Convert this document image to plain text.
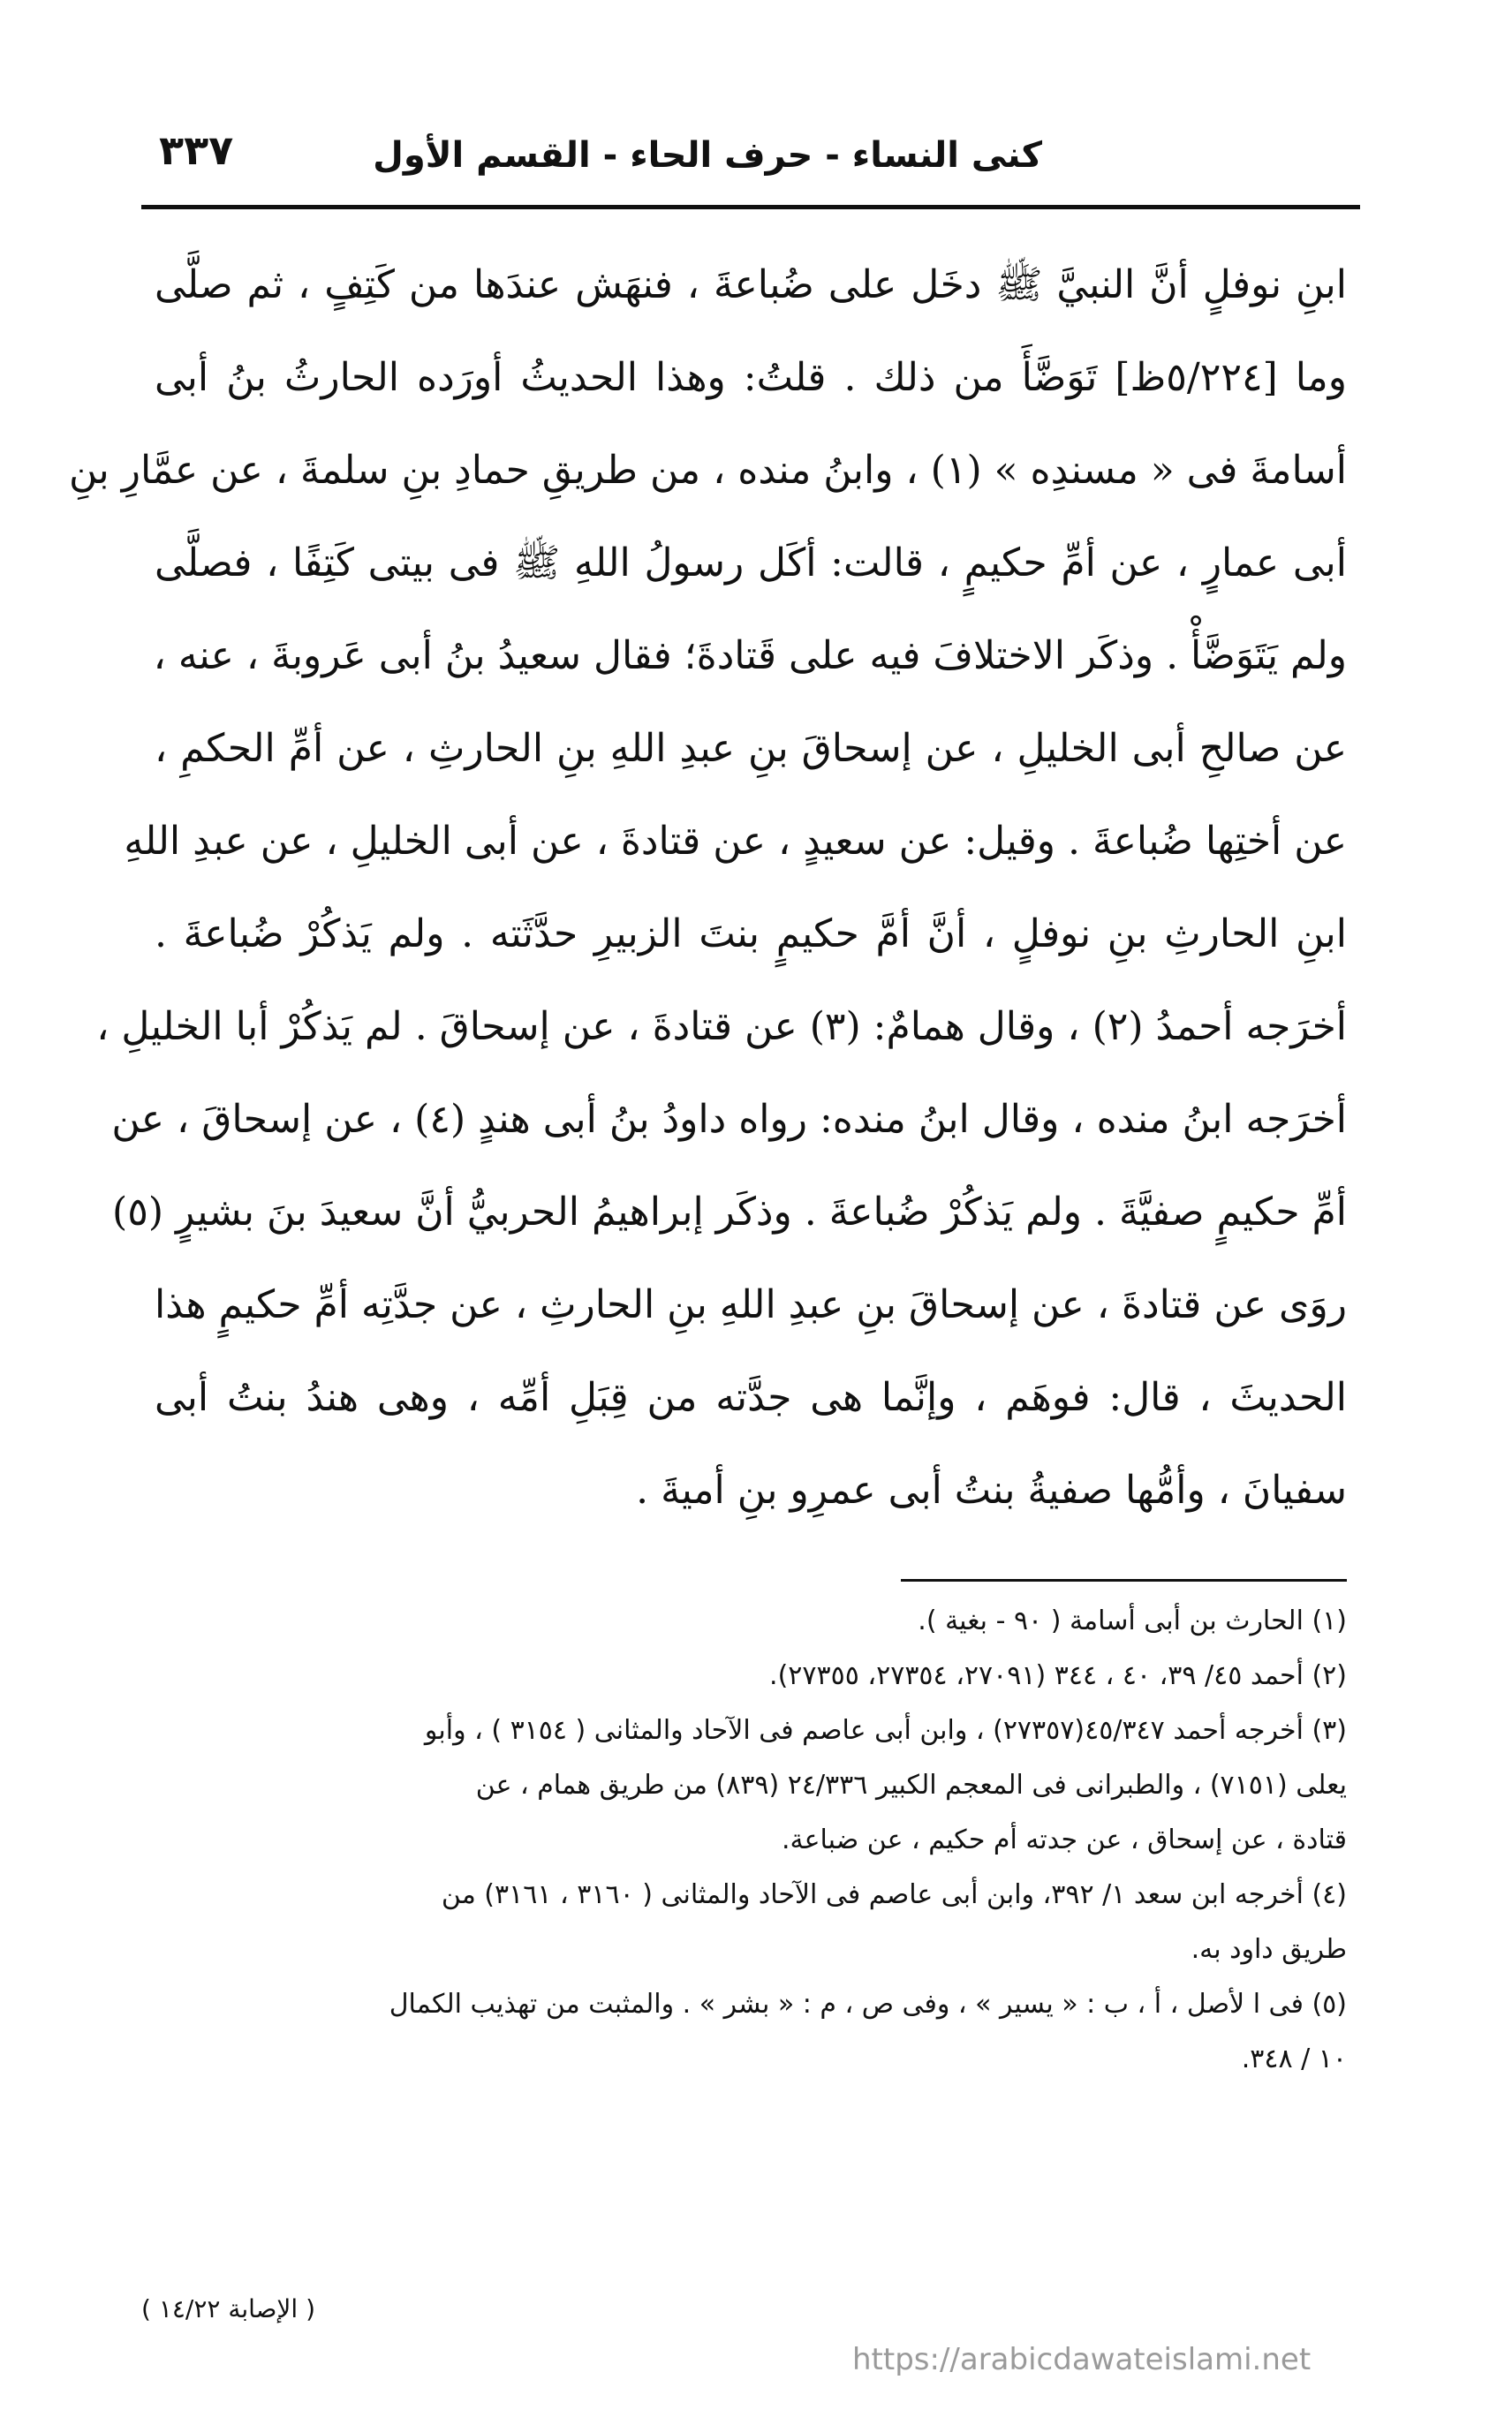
كنى النساء - حرف الحاء - القسم الأول
٣٣٧
ابنِ نوفلٍ أنَّ النبيَّ ﷺ دخَل على ضُباعةَ ، فنهَش عندَها من كَتِفٍ ، ثم صلَّى
وما [٥/٢٢٤ظ] تَوَضَّأَ من ذلك . قلتُ: وهذا الحديثُ أورَده الحارثُ بنُ أبى
أسامةَ فى « مسندِه » (١) ، وابنُ منده ، من طريقِ حمادِ بنِ سلمةَ ، عن عمَّارِ بنِ
أبى عمارٍ ، عن أمِّ حكيمٍ ، قالت: أكَل رسولُ اللهِ ﷺ فى بيتى كَتِفًا ، فصلَّى
ولم يَتَوَضَّأْ . وذكَر الاختلافَ فيه على قَتادةَ؛ فقال سعيدُ بنُ أبى عَروبةَ ، عنه ،
عن صالحِ أبى الخليلِ ، عن إسحاقَ بنِ عبدِ اللهِ بنِ الحارثِ ، عن أمِّ الحكمِ ،
عن أختِها ضُباعةَ . وقيل: عن سعيدٍ ، عن قتادةَ ، عن أبى الخليلِ ، عن عبدِ اللهِ
ابنِ الحارثِ بنِ نوفلٍ ، أنَّ أمَّ حكيمٍ بنتَ الزبيرِ حدَّثَته . ولم يَذكُرْ ضُباعةَ .
أخرَجه أحمدُ (٢) ، وقال همامٌ: (٣) عن قتادةَ ، عن إسحاقَ . لم يَذكُرْ أبا الخليلِ ،
أخرَجه ابنُ منده ، وقال ابنُ منده: رواه داودُ بنُ أبى هندٍ (٤) ، عن إسحاقَ ، عن
أمِّ حكيمٍ صفيَّةَ . ولم يَذكُرْ ضُباعةَ . وذكَر إبراهيمُ الحربيُّ أنَّ سعيدَ بنَ بشيرٍ (٥)
روَى عن قتادةَ ، عن إسحاقَ بنِ عبدِ اللهِ بنِ الحارثِ ، عن جدَّتِه أمِّ حكيمٍ هذا
الحديثَ ، قال: فوهَم ، وإنَّما هى جدَّته من قِبَلِ أمِّه ، وهى هندُ بنتُ أبى
سفيانَ ، وأمُّها صفيةُ بنتُ أبى عمرِو بنِ أميةَ .
(١) الحارث بن أبى أسامة ( ٩٠ - بغية ).
(٢) أحمد ٤٥/ ٣٩، ٤٠ ، ٣٤٤ (٢٧٠٩١، ٢٧٣٥٤، ٢٧٣٥٥).
(٣) أخرجه أحمد ٤٥/٣٤٧(٢٧٣٥٧) ، وابن أبى عاصم فى الآحاد والمثانى ( ٣١٥٤ ) ، وأبو
يعلى (٧١٥١) ، والطبرانى فى المعجم الكبير ٢٤/٣٣٦ (٨٣٩) من طريق همام ، عن
قتادة ، عن إسحاق ، عن جدته أم حكيم ، عن ضباعة.
(٤) أخرجه ابن سعد ١/ ٣٩٢، وابن أبى عاصم فى الآحاد والمثانى ( ٣١٦٠ ، ٣١٦١) من
طريق داود به.
(٥) فى ا لأصل ، أ ، ب : « يسير » ، وفى ص ، م : « بشر » . والمثبت من تهذيب الكمال
١٠ / ٣٤٨.
( الإصابة ١٤/٢٢ )
https://arabicdawateislami.net
